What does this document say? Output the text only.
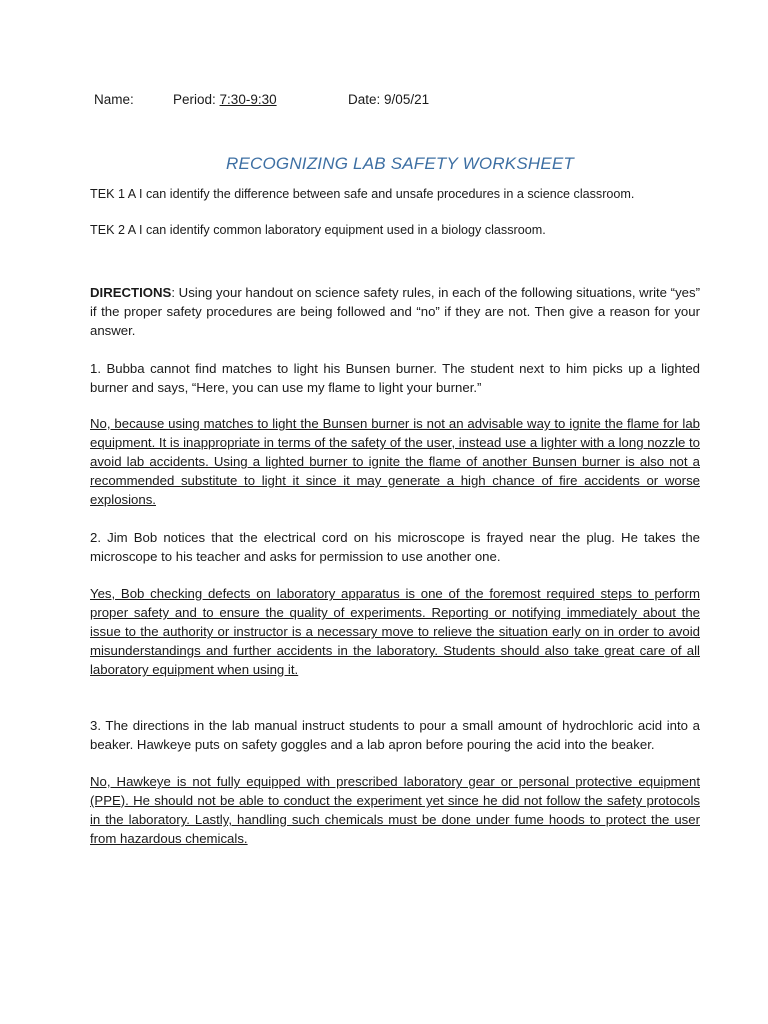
Name:	Period: 7:30-9:30	Date: 9/05/21
RECOGNIZING LAB SAFETY WORKSHEET
TEK 1 A I can identify the difference between safe and unsafe procedures in a science classroom.
TEK 2 A I can identify common laboratory equipment used in a biology classroom.
DIRECTIONS: Using your handout on science safety rules, in each of the following situations, write “yes” if the proper safety procedures are being followed and “no” if they are not. Then give a reason for your answer.
1. Bubba cannot find matches to light his Bunsen burner. The student next to him picks up a lighted burner and says, “Here, you can use my flame to light your burner.”
No, because using matches to light the Bunsen burner is not an advisable way to ignite the flame for lab equipment. It is inappropriate in terms of the safety of the user, instead use a lighter with a long nozzle to avoid lab accidents. Using a lighted burner to ignite the flame of another Bunsen burner is also not a recommended substitute to light it since it may generate a high chance of fire accidents or worse explosions.
2. Jim Bob notices that the electrical cord on his microscope is frayed near the plug. He takes the microscope to his teacher and asks for permission to use another one.
Yes, Bob checking defects on laboratory apparatus is one of the foremost required steps to perform proper safety and to ensure the quality of experiments. Reporting or notifying immediately about the issue to the authority or instructor is a necessary move to relieve the situation early on in order to avoid misunderstandings and further accidents in the laboratory. Students should also take great care of all laboratory equipment when using it.
3. The directions in the lab manual instruct students to pour a small amount of hydrochloric acid into a beaker. Hawkeye puts on safety goggles and a lab apron before pouring the acid into the beaker.
No, Hawkeye is not fully equipped with prescribed laboratory gear or personal protective equipment (PPE). He should not be able to conduct the experiment yet since he did not follow the safety protocols in the laboratory. Lastly, handling such chemicals must be done under fume hoods to protect the user from hazardous chemicals.
